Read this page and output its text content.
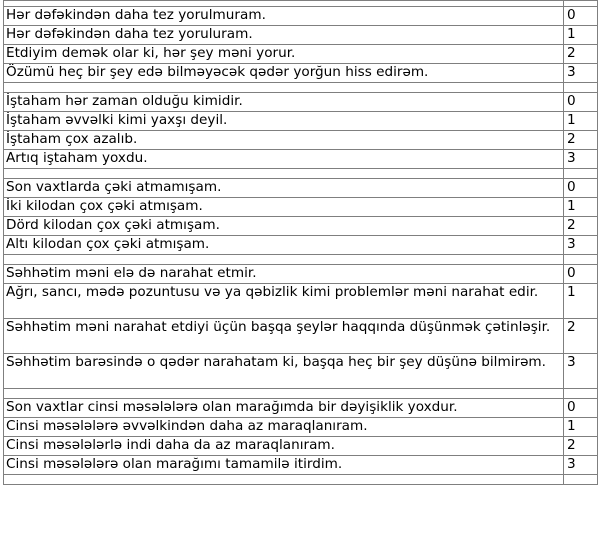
Hər dəfəkindən daha tez yorulmuram.	0
Hər dəfəkindən daha tez yoruluram.	1
Etdiyim demək olar ki, hər şey məni yorur.	2
Özümü heç bir şey edə bilməyəcək qədər yorğun hiss edirəm.	3

İştaham hər zaman olduğu kimidir.	0
İştaham əvvəlki kimi yaxşı deyil.	1
İştaham çox azalıb.	2
Artıq iştaham yoxdu.	3

Son vaxtlarda çəki atmamışam.	0
İki kilodan çox çəki atmışam.	1
Dörd kilodan çox çəki atmışam.	2
Altı kilodan çox çəki atmışam.	3

Səhhətim məni elə də narahat etmir.	0
Ağrı, sancı, mədə pozuntusu və ya qəbizlik kimi problemlər məni narahat edir.	1
Səhhətim məni narahat etdiyi üçün başqa şeylər haqqında düşünmək çətinləşir.	2
Səhhətim barəsində o qədər narahatam ki, başqa heç bir şey düşünə bilmirəm.	3

Son vaxtlar cinsi məsələlərə olan marağımda bir dəyişiklik yoxdur.	0
Cinsi məsələlərə əvvəlkindən daha az maraqlanıram.	1
Cinsi məsələlərlə indi daha da az maraqlanıram.	2
Cinsi məsələlərə olan marağımı tamamilə itirdim.	3
